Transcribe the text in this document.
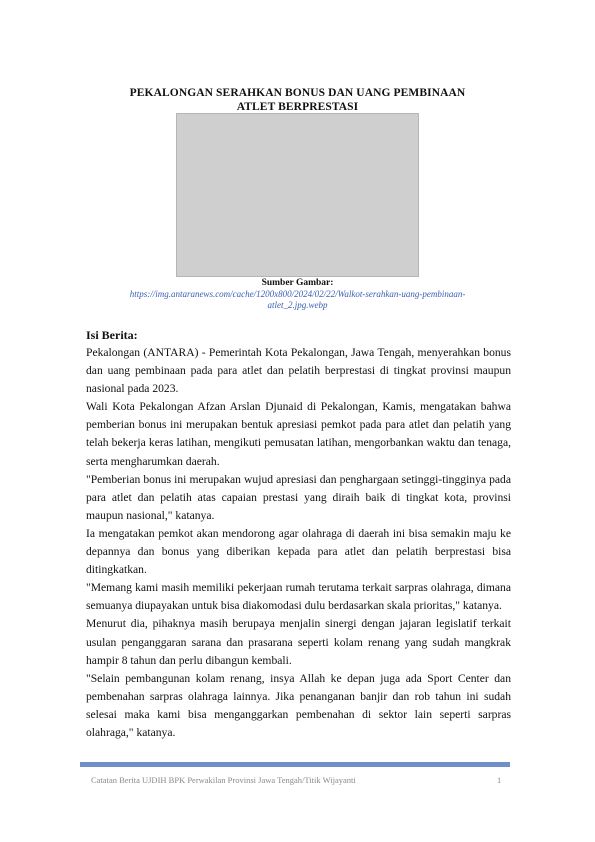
PEKALONGAN SERAHKAN BONUS DAN UANG PEMBINAAN
ATLET BERPRESTASI
Sumber Gambar:
https://img.antaranews.com/cache/1200x800/2024/02/22/Walkot-serahkan-uang-pembinaan-
atlet_2.jpg.webp
Isi Berita:

Pekalongan (ANTARA) - Pemerintah Kota Pekalongan, Jawa Tengah, menyerahkan bonus dan uang pembinaan pada para atlet dan pelatih berprestasi di tingkat provinsi maupun nasional pada 2023.

Wali Kota Pekalongan Afzan Arslan Djunaid di Pekalongan, Kamis, mengatakan bahwa pemberian bonus ini merupakan bentuk apresiasi pemkot pada para atlet dan pelatih yang telah bekerja keras latihan, mengikuti pemusatan latihan, mengorbankan waktu dan tenaga, serta mengharumkan daerah.

"Pemberian bonus ini merupakan wujud apresiasi dan penghargaan setinggi-tingginya pada para atlet dan pelatih atas capaian prestasi yang diraih baik di tingkat kota, provinsi maupun nasional," katanya.

Ia mengatakan pemkot akan mendorong agar olahraga di daerah ini bisa semakin maju ke depannya dan bonus yang diberikan kepada para atlet dan pelatih berprestasi bisa ditingkatkan.

"Memang kami masih memiliki pekerjaan rumah terutama terkait sarpras olahraga, dimana semuanya diupayakan untuk bisa diakomodasi dulu berdasarkan skala prioritas," katanya.

Menurut dia, pihaknya masih berupaya menjalin sinergi dengan jajaran legislatif terkait usulan penganggaran sarana dan prasarana seperti kolam renang yang sudah mangkrak hampir 8 tahun dan perlu dibangun kembali.

"Selain pembangunan kolam renang, insya Allah ke depan juga ada Sport Center dan pembenahan sarpras olahraga lainnya. Jika penanganan banjir dan rob tahun ini sudah selesai maka kami bisa menganggarkan pembenahan di sektor lain seperti sarpras olahraga," katanya.

Catatan Berita UJDIH BPK Perwakilan Provinsi Jawa Tengah/Titik Wijayanti	1
